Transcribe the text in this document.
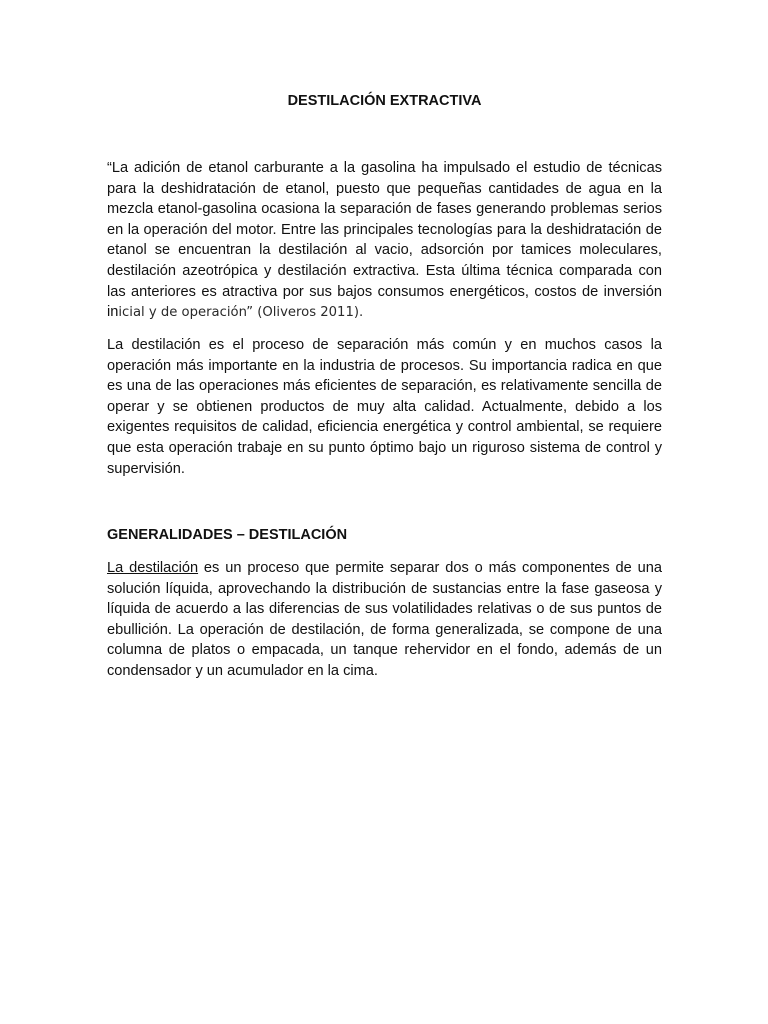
DESTILACIÓN EXTRACTIVA

“La adición de etanol carburante a la gasolina ha impulsado el estudio de técnicas para la deshidratación de etanol, puesto que pequeñas cantidades de agua en la mezcla etanol-gasolina ocasiona la separación de fases generando problemas serios en la operación del motor. Entre las principales tecnologías para la deshidratación de etanol se encuentran la destilación al vacio, adsorción por tamices moleculares, destilación azeotrópica y destilación extractiva. Esta última técnica comparada con las anteriores es atractiva por sus bajos consumos energéticos, costos de inversión inicial y de operación” (Oliveros 2011).

La destilación es el proceso de separación más común y en muchos casos la operación más importante en la industria de procesos. Su importancia radica en que es una de las operaciones más eficientes de separación, es relativamente sencilla de operar y se obtienen productos de muy alta calidad. Actualmente, debido a los exigentes requisitos de calidad, eficiencia energética y control ambiental, se requiere que esta operación trabaje en su punto óptimo bajo un riguroso sistema de control y supervisión.

GENERALIDADES – DESTILACIÓN

La destilación es un proceso que permite separar dos o más componentes de una solución líquida, aprovechando la distribución de sustancias entre la fase gaseosa y líquida de acuerdo a las diferencias de sus volatilidades relativas o de sus puntos de ebullición. La operación de destilación, de forma generalizada, se compone de una columna de platos o empacada, un tanque rehervidor en el fondo, además de un condensador y un acumulador en la cima.
